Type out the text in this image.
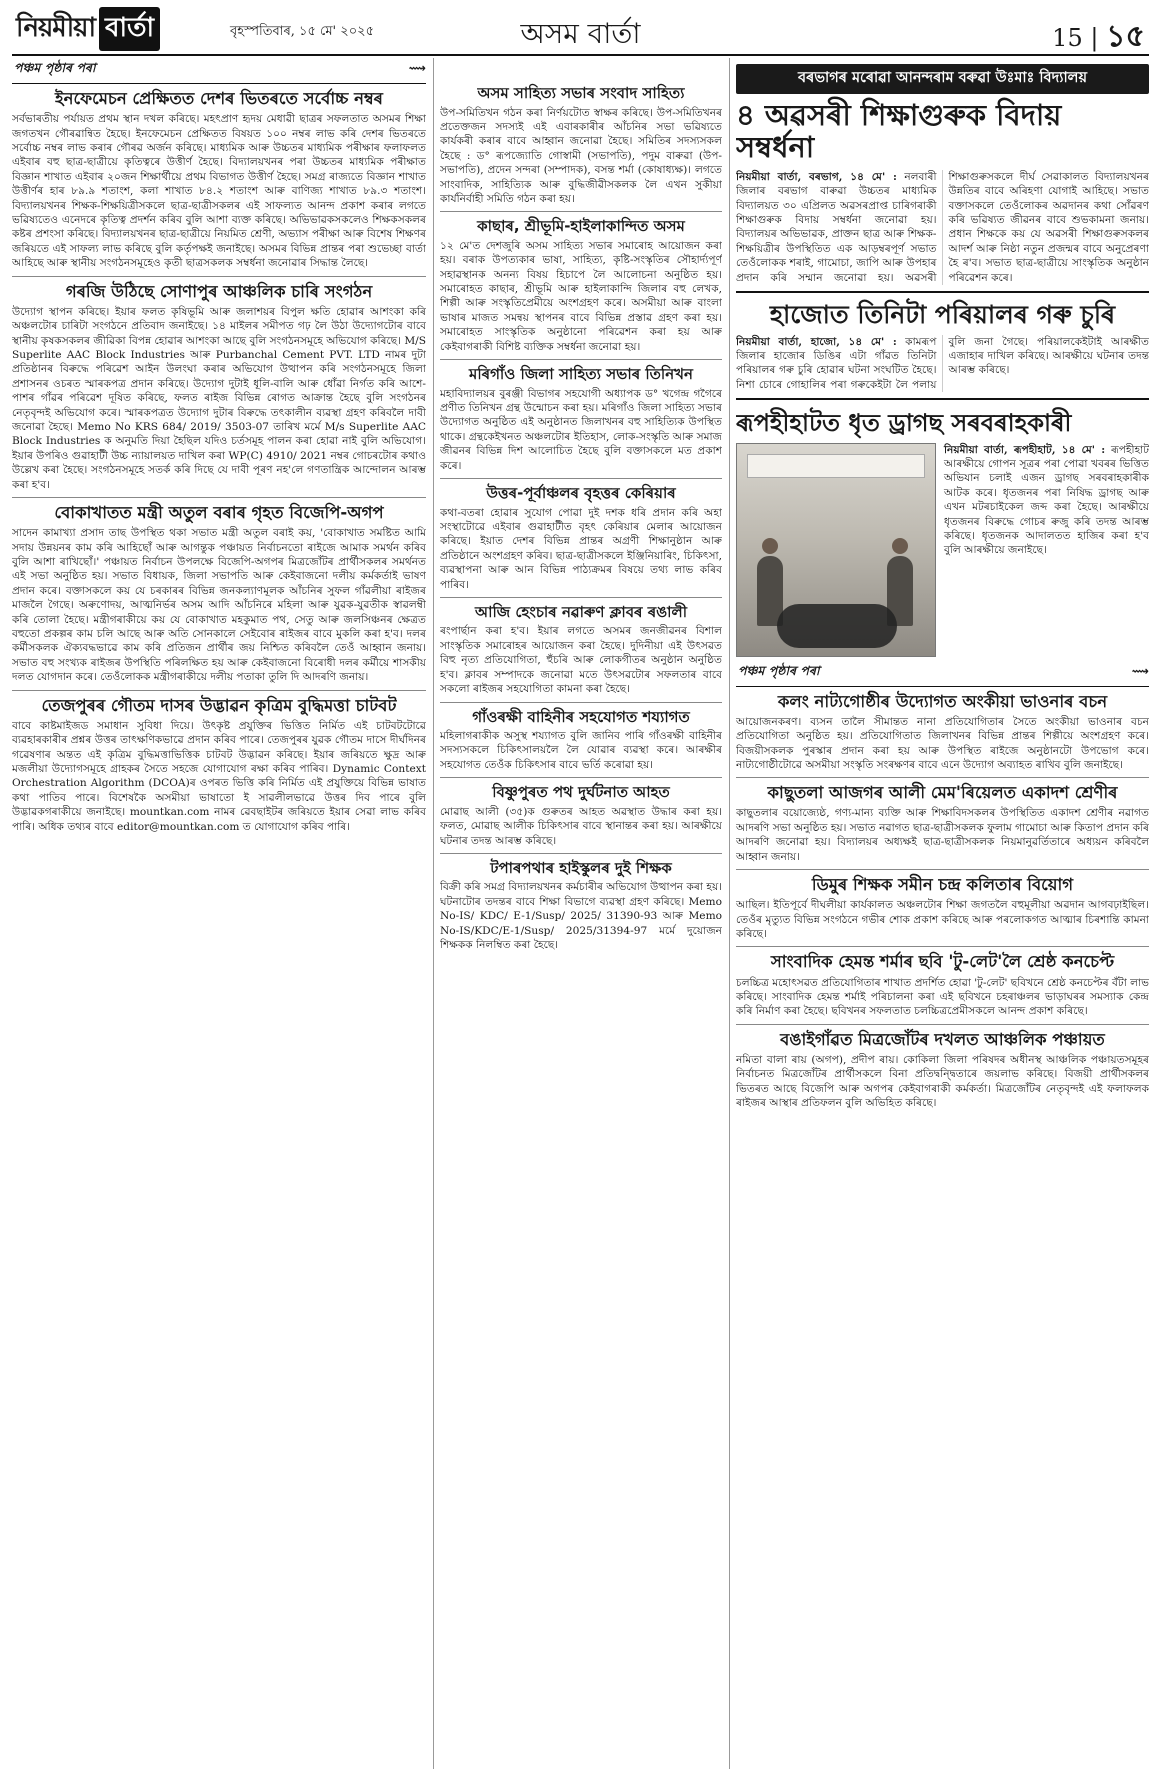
নিয়মীয়া বাৰ্তা	বৃহস্পতিবাৰ, ১৫ মে' ২০২৫	অসম বাৰ্তা	15 | ১৫
পঞ্চম পৃষ্ঠাৰ পৰা	⟿
ইনফেমেচন প্ৰেক্ষিতত দেশৰ ভিতৰতে সৰ্বোচ্চ নম্বৰ

সৰ্বভাৰতীয় পৰ্যায়ত প্ৰথম স্থান দখল কৰিছে। মহৎপ্ৰাণ হৃদয় মেধাৱী ছাত্ৰৰ সফলতাত অসমৰ শিক্ষা জগতখন গৌৰৱান্বিত হৈছে। ইনফেমেচন প্ৰেক্ষিতত বিষয়ত ১০০ নম্বৰ লাভ কৰি দেশৰ ভিতৰতে সৰ্বোচ্চ নম্বৰ লাভ কৰাৰ গৌৰৱ অৰ্জন কৰিছে। মাধ্যমিক আৰু উচ্চতৰ মাধ্যমিক পৰীক্ষাৰ ফলাফলত এইবাৰ বহু ছাত্ৰ-ছাত্ৰীয়ে কৃতিত্বৰে উত্তীৰ্ণ হৈছে। বিদ্যালয়খনৰ পৰা উচ্চতৰ মাধ্যমিক পৰীক্ষাত বিজ্ঞান শাখাত এইবাৰ ২০জন শিক্ষাৰ্থীয়ে প্ৰথম বিভাগত উত্তীৰ্ণ হৈছে। সমগ্ৰ ৰাজ্যতে বিজ্ঞান শাখাত উত্তীৰ্ণৰ হাৰ ৮৯.৯ শতাংশ, কলা শাখাত ৮৪.২ শতাংশ আৰু বাণিজ্য শাখাত ৮৯.৩ শতাংশ। বিদ্যালয়খনৰ শিক্ষক-শিক্ষয়িত্ৰীসকলে ছাত্ৰ-ছাত্ৰীসকলৰ এই সাফল্যত আনন্দ প্ৰকাশ কৰাৰ লগতে ভৱিষ্যতেও এনেদৰে কৃতিত্ব প্ৰদৰ্শন কৰিব বুলি আশা ব্যক্ত কৰিছে। অভিভাৱকসকলেও শিক্ষকসকলৰ কষ্টৰ প্ৰশংসা কৰিছে। বিদ্যালয়খনৰ ছাত্ৰ-ছাত্ৰীয়ে নিয়মিত শ্ৰেণী, অভ্যাস পৰীক্ষা আৰু বিশেষ শিক্ষণৰ জৰিয়তে এই সাফল্য লাভ কৰিছে বুলি কৰ্তৃপক্ষই জনাইছে। অসমৰ বিভিন্ন প্ৰান্তৰ পৰা শুভেচ্ছা বাৰ্তা আহিছে আৰু স্থানীয় সংগঠনসমূহেও কৃতী ছাত্ৰসকলক সম্বৰ্ধনা জনোৱাৰ সিদ্ধান্ত লৈছে।

গৰজি উঠিছে সোণাপুৰ আঞ্চলিক চাৰি সংগঠন

উদ্যোগ স্থাপন কৰিছে। ইয়াৰ ফলত কৃষিভূমি আৰু জলাশয়ৰ বিপুল ক্ষতি হোৱাৰ আশংকা কৰি অঞ্চলটোৰ চাৰিটা সংগঠনে প্ৰতিবাদ জনাইছে। ১৪ মাইলৰ সমীপত গঢ় লৈ উঠা উদ্যোগটোৰ বাবে স্থানীয় কৃষকসকলৰ জীৱিকা বিপন্ন হোৱাৰ আশংকা আছে বুলি সংগঠনসমূহে অভিযোগ কৰিছে। M/S Superlite AAC Block Industries আৰু Purbanchal Cement PVT. LTD নামৰ দুটা প্ৰতিষ্ঠানৰ বিৰুদ্ধে পৰিৱেশ আইন উলংঘা কৰাৰ অভিযোগ উত্থাপন কৰি সংগঠনসমূহে জিলা প্ৰশাসনৰ ওচৰত স্মাৰকপত্ৰ প্ৰদান কৰিছে। উদ্যোগ দুটাই ধূলি-বালি আৰু ধোঁৱা নিৰ্গত কৰি আশে-পাশৰ গাঁৱৰ পৰিৱেশ দূষিত কৰিছে, ফলত ৰাইজ বিভিন্ন ৰোগত আক্ৰান্ত হৈছে বুলি সংগঠনৰ নেতৃবৃন্দই অভিযোগ কৰে। স্মাৰকপত্ৰত উদ্যোগ দুটাৰ বিৰুদ্ধে তৎকালীন ব্যৱস্থা গ্ৰহণ কৰিবলৈ দাবী জনোৱা হৈছে। Memo No KRS 684/ 2019/ 3503-07 তাৰিখ মৰ্মে M/s Superlite AAC Block Industries ক অনুমতি দিয়া হৈছিল যদিও চৰ্তসমূহ পালন কৰা হোৱা নাই বুলি অভিযোগ। ইয়াৰ উপৰিও গুৱাহাটী উচ্চ ন্যায়ালয়ত দাখিল কৰা WP(C) 4910/ 2021 নম্বৰ গোচৰটোৰ কথাও উল্লেখ কৰা হৈছে। সংগঠনসমূহে সতৰ্ক কৰি দিছে যে দাবী পূৰণ নহ'লে গণতান্ত্ৰিক আন্দোলন আৰম্ভ কৰা হ'ব।

বোকাখাতত মন্ত্ৰী অতুল বৰাৰ গৃহত বিজেপি-অগপ

সাদেন কামাখ্যা প্ৰসাদ তাছ উপস্থিত থকা সভাত মন্ত্ৰী অতুল বৰাই কয়, 'বোকাখাত সমষ্টিত আমি সদায় উন্নয়নৰ কাম কৰি আহিছোঁ আৰু আগন্তুক পঞ্চায়ত নিৰ্বাচনতো ৰাইজে আমাক সমৰ্থন কৰিব বুলি আশা ৰাখিছোঁ।' পঞ্চায়ত নিৰ্বাচন উপলক্ষে বিজেপি-অগপৰ মিত্ৰজোঁটৰ প্ৰাৰ্থীসকলৰ সমৰ্থনত এই সভা অনুষ্ঠিত হয়। সভাত বিধায়ক, জিলা সভাপতি আৰু কেইবাজনো দলীয় কৰ্মকৰ্তাই ভাষণ প্ৰদান কৰে। বক্তাসকলে কয় যে চৰকাৰৰ বিভিন্ন জনকল্যাণমূলক আঁচনিৰ সুফল গাঁৱলীয়া ৰাইজৰ মাজলৈ গৈছে। অৰুণোদয়, আত্মনিৰ্ভৰ অসম আদি আঁচনিৰে মহিলা আৰু যুৱক-যুৱতীক স্বাৱলম্বী কৰি তোলা হৈছে। মন্ত্ৰীগৰাকীয়ে কয় যে বোকাখাত মহকুমাত পথ, সেতু আৰু জলসিঞ্চনৰ ক্ষেত্ৰত বহুতো প্ৰকল্পৰ কাম চলি আছে আৰু অতি সোনকালে সেইবোৰ ৰাইজৰ বাবে মুকলি কৰা হ'ব। দলৰ কৰ্মীসকলক ঐক্যবদ্ধভাৱে কাম কৰি প্ৰতিজন প্ৰাৰ্থীৰ জয় নিশ্চিত কৰিবলৈ তেওঁ আহ্বান জনায়। সভাত বহু সংখ্যক ৰাইজৰ উপস্থিতি পৰিলক্ষিত হয় আৰু কেইবাজনো বিৰোধী দলৰ কৰ্মীয়ে শাসকীয় দলত যোগদান কৰে। তেওঁলোকক মন্ত্ৰীগৰাকীয়ে দলীয় পতাকা তুলি দি আদৰণি জনায়।

তেজপুৰৰ গৌতম দাসৰ উদ্ভাৱন কৃত্ৰিম বুদ্ধিমত্তা চাটবট

বাবে কাষ্টমাইজড সমাধান সুবিধা দিয়ে। উৎকৃষ্ট প্ৰযুক্তিৰ ভিত্তিত নিৰ্মিত এই চাটবটটোৱে ব্যৱহাৰকাৰীৰ প্ৰশ্নৰ উত্তৰ তাৎক্ষণিকভাৱে প্ৰদান কৰিব পাৰে। তেজপুৰৰ যুৱক গৌতম দাসে দীৰ্ঘদিনৰ গৱেষণাৰ অন্তত এই কৃত্ৰিম বুদ্ধিমত্তাভিত্তিক চাটবট উদ্ভাৱন কৰিছে। ইয়াৰ জৰিয়তে ক্ষুদ্ৰ আৰু মজলীয়া উদ্যোগসমূহে গ্ৰাহকৰ সৈতে সহজে যোগাযোগ ৰক্ষা কৰিব পাৰিব। Dynamic Context Orchestration Algorithm (DCOA)ৰ ওপৰত ভিত্তি কৰি নিৰ্মিত এই প্ৰযুক্তিয়ে বিভিন্ন ভাষাত কথা পাতিব পাৰে। বিশেষকৈ অসমীয়া ভাষাতো ই সাৱলীলভাৱে উত্তৰ দিব পাৰে বুলি উদ্ভাৱকগৰাকীয়ে জনাইছে। mountkan.com নামৰ ৱেবছাইটৰ জৰিয়তে ইয়াৰ সেৱা লাভ কৰিব পাৰি। অধিক তথ্যৰ বাবে editor@mountkan.com ত যোগাযোগ কৰিব পাৰি।

অসম সাহিত্য সভাৰ সংবাদ সাহিত্য

উপ-সমিতিখন গঠন কৰা নিৰ্ণয়টোত স্বাক্ষৰ কৰিছে। উপ-সমিতিখনৰ প্ৰতেক্তজন সদস্যই এই এবাৰকাৰীৰ আঁচনিৰ সভা ভৱিষ্যতে কাৰ্যকৰী কৰাৰ বাবে আহ্বান জনোৱা হৈছে। সমিতিৰ সদস্যসকল হৈছে : ড° ৰূপজ্যোতি গোস্বামী (সভাপতি), পদুম বাৰুৱা (উপ-সভাপতি), প্ৰদেন সন্দৰা (সম্পাদক), বসন্ত শৰ্মা (কোষাধ্যক্ষ)। লগতে সাংবাদিক, সাহিত্যিক আৰু বুদ্ধিজীৱীসকলক লৈ এখন সুকীয়া কাৰ্যনিৰ্বাহী সমিতি গঠন কৰা হয়।

কাছাৰ, শ্ৰীভূমি-হাইলাকান্দিত অসম

১২ মে'ত দেশজুৰি অসম সাহিত্য সভাৰ সমাৰোহ আয়োজন কৰা হয়। বৰাক উপত্যকাৰ ভাষা, সাহিত্য, কৃষ্টি-সংস্কৃতিৰ সৌহাৰ্দ্যপূৰ্ণ সহাৱস্থানক অনন্য বিষয় হিচাপে লৈ আলোচনা অনুষ্ঠিত হয়। সমাৰোহত কাছাৰ, শ্ৰীভূমি আৰু হাইলাকান্দি জিলাৰ বহু লেখক, শিল্পী আৰু সংস্কৃতিপ্ৰেমীয়ে অংশগ্ৰহণ কৰে। অসমীয়া আৰু বাংলা ভাষাৰ মাজত সমন্বয় স্থাপনৰ বাবে বিভিন্ন প্ৰস্তাৱ গ্ৰহণ কৰা হয়। সমাৰোহত সাংস্কৃতিক অনুষ্ঠানো পৰিৱেশন কৰা হয় আৰু কেইবাগৰাকী বিশিষ্ট ব্যক্তিক সম্বৰ্ধনা জনোৱা হয়।

মৰিগাঁও জিলা সাহিত্য সভাৰ তিনিখন

মহাবিদ্যালয়ৰ বুৰঞ্জী বিভাগৰ সহযোগী অধ্যাপক ড° খগেন্দ্ৰ গগৈৰে প্ৰণীত তিনিখন গ্ৰন্থ উন্মোচন কৰা হয়। মৰিগাঁও জিলা সাহিত্য সভাৰ উদ্যোগত অনুষ্ঠিত এই অনুষ্ঠানত জিলাখনৰ বহু সাহিত্যিক উপস্থিত থাকে। গ্ৰন্থকেইখনত অঞ্চলটোৰ ইতিহাস, লোক-সংস্কৃতি আৰু সমাজ জীৱনৰ বিভিন্ন দিশ আলোচিত হৈছে বুলি বক্তাসকলে মত প্ৰকাশ কৰে।

উত্তৰ-পূৰ্বাঞ্চলৰ বৃহত্তৰ কেৰিয়াৰ

কথা-বতৰা হোৱাৰ সুযোগ পোৱা দুই দশক ধৰি প্ৰদান কৰি অহা সংস্থাটোৱে এইবাৰ গুৱাহাটীত বৃহৎ কেৰিয়াৰ মেলাৰ আয়োজন কৰিছে। ইয়াত দেশৰ বিভিন্ন প্ৰান্তৰ অগ্ৰণী শিক্ষানুষ্ঠান আৰু প্ৰতিষ্ঠানে অংশগ্ৰহণ কৰিব। ছাত্ৰ-ছাত্ৰীসকলে ইঞ্জিনিয়াৰিং, চিকিৎসা, ব্যৱস্থাপনা আৰু আন বিভিন্ন পাঠ্যক্ৰমৰ বিষয়ে তথ্য লাভ কৰিব পাৰিব।

আজি হেংচাৰ নৱাৰুণ ক্লাবৰ ৰঙালী

ৰংপাৰ্ছান কৰা হ'ব। ইয়াৰ লগতে অসমৰ জনজীৱনৰ বিশাল সাংস্কৃতিক সমাৰোহৰ আয়োজন কৰা হৈছে। দুদিনীয়া এই উৎসৱত বিহু নৃত্য প্ৰতিযোগিতা, হুঁচৰি আৰু লোকগীতৰ অনুষ্ঠান অনুষ্ঠিত হ'ব। ক্লাবৰ সম্পাদকে জনোৱা মতে উৎসৱটোৰ সফলতাৰ বাবে সকলো ৰাইজৰ সহযোগিতা কামনা কৰা হৈছে।

গাঁওৰক্ষী বাহিনীৰ সহযোগত শয্যাগত

মহিলাগৰাকীক অসুস্থ শয্যাগত বুলি জানিব পাৰি গাঁওৰক্ষী বাহিনীৰ সদস্যসকলে চিকিৎসালয়লৈ লৈ যোৱাৰ ব্যৱস্থা কৰে। আৰক্ষীৰ সহযোগত তেওঁক চিকিৎসাৰ বাবে ভৰ্তি কৰোৱা হয়।

বিষ্ণুপুৰত পথ দুৰ্ঘটনাত আহত

মোৱাছ আলী (৩৫)ক গুৰুতৰ আহত অৱস্থাত উদ্ধাৰ কৰা হয়। ফলত, মোৱাছ আলীক চিকিৎসাৰ বাবে স্থানান্তৰ কৰা হয়। আৰক্ষীয়ে ঘটনাৰ তদন্ত আৰম্ভ কৰিছে।

টপাৰপথাৰ হাইস্কুলৰ দুই শিক্ষক

বিক্ৰী কৰি সমগ্ৰ বিদ্যালয়খনৰ কৰ্মচাৰীৰ অভিযোগ উত্থাপন কৰা হয়। ঘটনাটোৰ তদন্তৰ বাবে শিক্ষা বিভাগে ব্যৱস্থা গ্ৰহণ কৰিছে। Memo No-IS/ KDC/ E-1/Susp/ 2025/ 31390-93 আৰু Memo No-IS/KDC/E-1/Susp/ 2025/31394-97 মৰ্মে দুয়োজন শিক্ষকক নিলম্বিত কৰা হৈছে।

বৰভাগৰ মৰোৱা আনন্দৰাম বৰুৱা উঃমাঃ বিদ্যালয়
৪ অৱসৰী শিক্ষাগুৰুক বিদায় সম্বৰ্ধনা

নিয়মীয়া বাৰ্তা, বৰভাগ, ১৪ মে' : নলবাৰী জিলাৰ বৰভাগ বাৰুৱা উচ্চতৰ মাধ্যমিক বিদ্যালয়ত ৩০ এপ্ৰিলত অৱসৰপ্ৰাপ্ত চাৰিগৰাকী শিক্ষাগুৰুক বিদায় সম্বৰ্ধনা জনোৱা হয়। বিদ্যালয়ৰ অভিভাৱক, প্ৰাক্তন ছাত্ৰ আৰু শিক্ষক-শিক্ষয়িত্ৰীৰ উপস্থিতিত এক আড়ম্বৰপূৰ্ণ সভাত তেওঁলোকক শৰাই, গামোচা, জাপি আৰু উপহাৰ প্ৰদান কৰি সম্মান জনোৱা হয়। অৱসৰী শিক্ষাগুৰুসকলে দীৰ্ঘ সেৱাকালত বিদ্যালয়খনৰ উন্নতিৰ বাবে অৰিহণা যোগাই আহিছে। সভাত বক্তাসকলে তেওঁলোকৰ অৱদানৰ কথা সোঁৱৰণ কৰি ভৱিষ্যত জীৱনৰ বাবে শুভকামনা জনায়। প্ৰধান শিক্ষকে কয় যে অৱসৰী শিক্ষাগুৰুসকলৰ আদৰ্শ আৰু নিষ্ঠা নতুন প্ৰজন্মৰ বাবে অনুপ্ৰেৰণা হৈ ৰ'ব। সভাত ছাত্ৰ-ছাত্ৰীয়ে সাংস্কৃতিক অনুষ্ঠান পৰিৱেশন কৰে।

হাজোত তিনিটা পৰিয়ালৰ গৰু চুৰি

নিয়মীয়া বাৰ্তা, হাজো, ১৪ মে' : কামৰূপ জিলাৰ হাজোৰ ডিঙিৰ এটা গাঁৱত তিনিটা পৰিয়ালৰ গৰু চুৰি হোৱাৰ ঘটনা সংঘটিত হৈছে। নিশা চোৰে গোহালিৰ পৰা গৰুকেইটা লৈ পলায় বুলি জনা গৈছে। পৰিয়ালকেইটাই আৰক্ষীত এজাহাৰ দাখিল কৰিছে। আৰক্ষীয়ে ঘটনাৰ তদন্ত আৰম্ভ কৰিছে।

ৰূপহীহাটত ধৃত ড্ৰাগছ সৰবৰাহকাৰী

নিয়মীয়া বাৰ্তা, ৰূপহীহাট, ১৪ মে' : ৰূপহীহাট আৰক্ষীয়ে গোপন সূত্ৰৰ পৰা পোৱা খবৰৰ ভিত্তিত অভিযান চলাই এজন ড্ৰাগছ সৰবৰাহকাৰীক আটক কৰে। ধৃতজনৰ পৰা নিষিদ্ধ ড্ৰাগছ আৰু এখন মটৰচাইকেল জব্দ কৰা হৈছে। আৰক্ষীয়ে ধৃতজনৰ বিৰুদ্ধে গোচৰ ৰুজু কৰি তদন্ত আৰম্ভ কৰিছে। ধৃতজনক আদালতত হাজিৰ কৰা হ'ব বুলি আৰক্ষীয়ে জনাইছে।

পঞ্চম পৃষ্ঠাৰ পৰা	⟿
কলং নাট্যগোষ্ঠীৰ উদ্যোগত অংকীয়া ভাওনাৰ বচন

আয়োজনকৰণ। ব্যসন তালৈ সীমান্তত নানা প্ৰতিযোগিতাৰ সৈতে অংকীয়া ভাওনাৰ বচন প্ৰতিযোগিতা অনুষ্ঠিত হয়। প্ৰতিযোগিতাত জিলাখনৰ বিভিন্ন প্ৰান্তৰ শিল্পীয়ে অংশগ্ৰহণ কৰে। বিজয়ীসকলক পুৰস্কাৰ প্ৰদান কৰা হয় আৰু উপস্থিত ৰাইজে অনুষ্ঠানটো উপভোগ কৰে। নাট্যগোষ্ঠীটোৱে অসমীয়া সংস্কৃতি সংৰক্ষণৰ বাবে এনে উদ্যোগ অব্যাহত ৰাখিব বুলি জনাইছে।

কাছুতলা আজগৰ আলী মেম'ৰিয়েলত একাদশ শ্ৰেণীৰ

কাছুতলাৰ বয়োজ্যেষ্ঠ, গণ্য-মান্য ব্যক্তি আৰু শিক্ষাবিদসকলৰ উপস্থিতিত একাদশ শ্ৰেণীৰ নৱাগত আদৰণি সভা অনুষ্ঠিত হয়। সভাত নৱাগত ছাত্ৰ-ছাত্ৰীসকলক ফুলাম গামোচা আৰু কিতাপ প্ৰদান কৰি আদৰণি জনোৱা হয়। বিদ্যালয়ৰ অধ্যক্ষই ছাত্ৰ-ছাত্ৰীসকলক নিয়মানুৱৰ্তিতাৰে অধ্যয়ন কৰিবলৈ আহ্বান জনায়।

ডিমুৰ শিক্ষক সমীন চন্দ্ৰ কলিতাৰ বিয়োগ

আছিল। ইতিপূৰ্বে দীঘলীয়া কাৰ্যকালত অঞ্চলটোৰ শিক্ষা জগতলৈ বহুমূলীয়া অৱদান আগবঢ়াইছিল। তেওঁৰ মৃত্যুত বিভিন্ন সংগঠনে গভীৰ শোক প্ৰকাশ কৰিছে আৰু পৰলোকগত আত্মাৰ চিৰশান্তি কামনা কৰিছে।

সাংবাদিক হেমন্ত শৰ্মাৰ ছবি 'টু-লেট'লৈ শ্ৰেষ্ঠ কনচেপ্ট

চলচ্চিত্ৰ মহোৎসৱত প্ৰতিযোগিতাৰ শাখাত প্ৰদৰ্শিত হোৱা 'টু-লেট' ছবিখনে শ্ৰেষ্ঠ কনচেপ্টৰ বঁটা লাভ কৰিছে। সাংবাদিক হেমন্ত শৰ্মাই পৰিচালনা কৰা এই ছবিখনে চহৰাঞ্চলৰ ভাড়াঘৰৰ সমস্যাক কেন্দ্ৰ কৰি নিৰ্মাণ কৰা হৈছে। ছবিখনৰ সফলতাত চলচ্চিত্ৰপ্ৰেমীসকলে আনন্দ প্ৰকাশ কৰিছে।

বঙাইগাঁৱত মিত্ৰজোঁটৰ দখলত আঞ্চলিক পঞ্চায়ত

নমিতা বালা ৰায় (অগপ), প্ৰদীপ ৰায়। কোকিলা জিলা পৰিষদৰ অধীনস্থ আঞ্চলিক পঞ্চায়তসমূহৰ নিৰ্বাচনত মিত্ৰজোঁটৰ প্ৰাৰ্থীসকলে বিনা প্ৰতিদ্বন্দ্বিতাৰে জয়লাভ কৰিছে। বিজয়ী প্ৰাৰ্থীসকলৰ ভিতৰত আছে বিজেপি আৰু অগপৰ কেইবাগৰাকী কৰ্মকৰ্তা। মিত্ৰজোঁটৰ নেতৃবৃন্দই এই ফলাফলক ৰাইজৰ আস্থাৰ প্ৰতিফলন বুলি অভিহিত কৰিছে।
